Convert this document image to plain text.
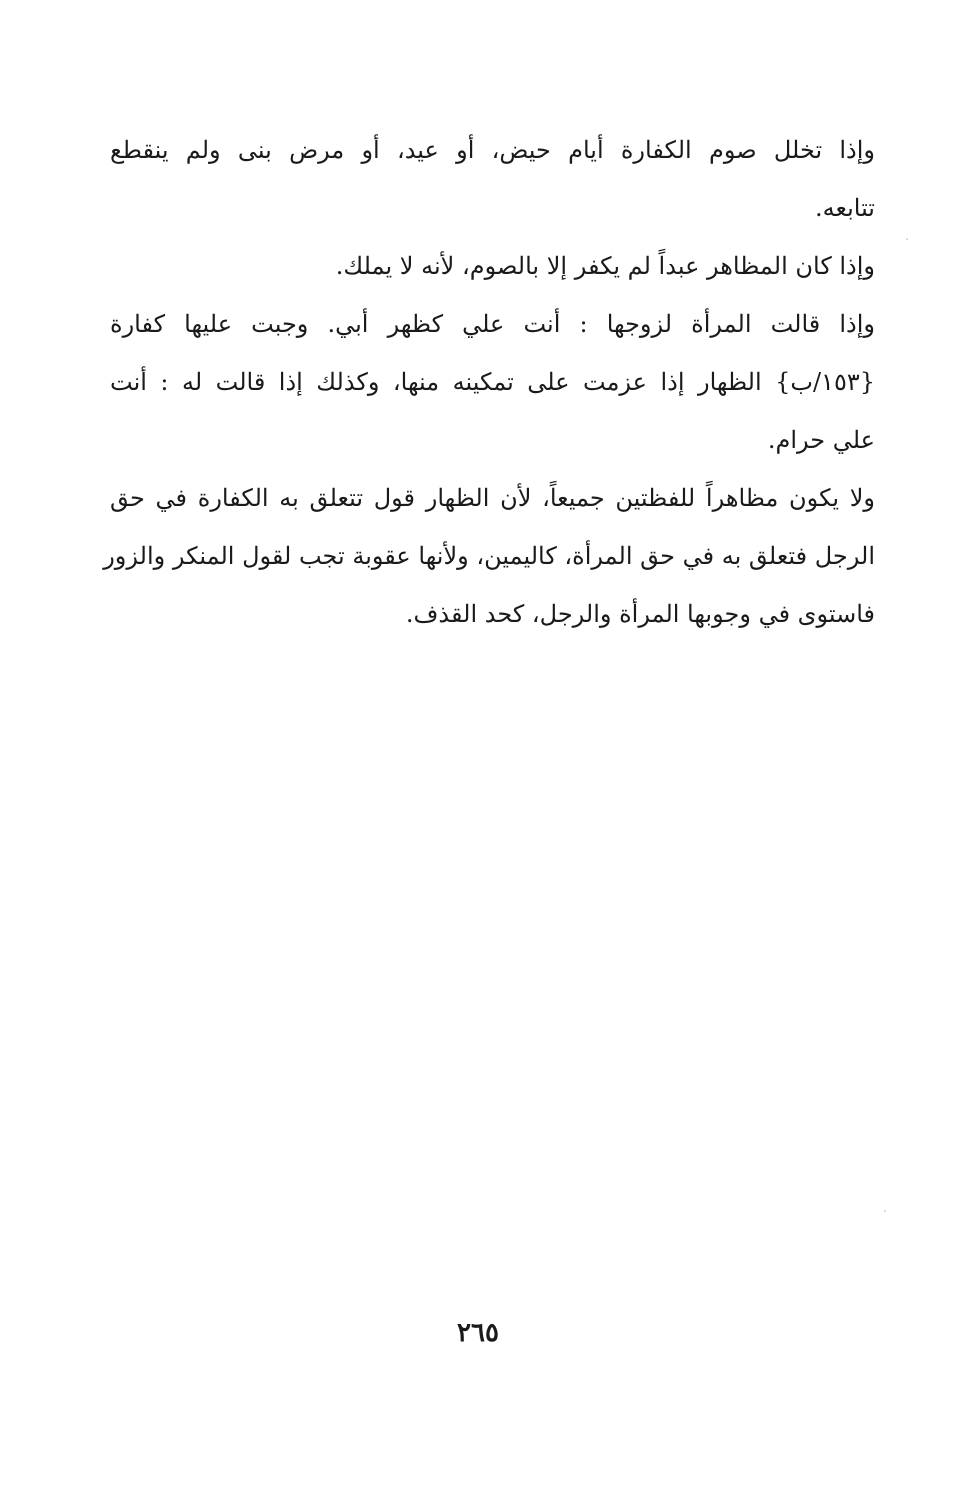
وإذا تخلل صوم الكفارة أيام حيض، أو عيد، أو مرض بنى ولم ينقطع
تتابعه.
وإذا كان المظاهر عبداً لم يكفر إلا بالصوم، لأنه لا يملك.
وإذا قالت المرأة لزوجها : أنت علي كظهر أبي. وجبت عليها كفارة
{١٥٣/ب} الظهار إذا عزمت على تمكينه منها، وكذلك إذا قالت له : أنت
علي حرام.
ولا يكون مظاهراً للفظتين جميعاً، لأن الظهار قول تتعلق به الكفارة في حق
الرجل فتعلق به في حق المرأة، كاليمين، ولأنها عقوبة تجب لقول المنكر والزور
فاستوى في وجوبها المرأة والرجل، كحد القذف.
٢٦٥
